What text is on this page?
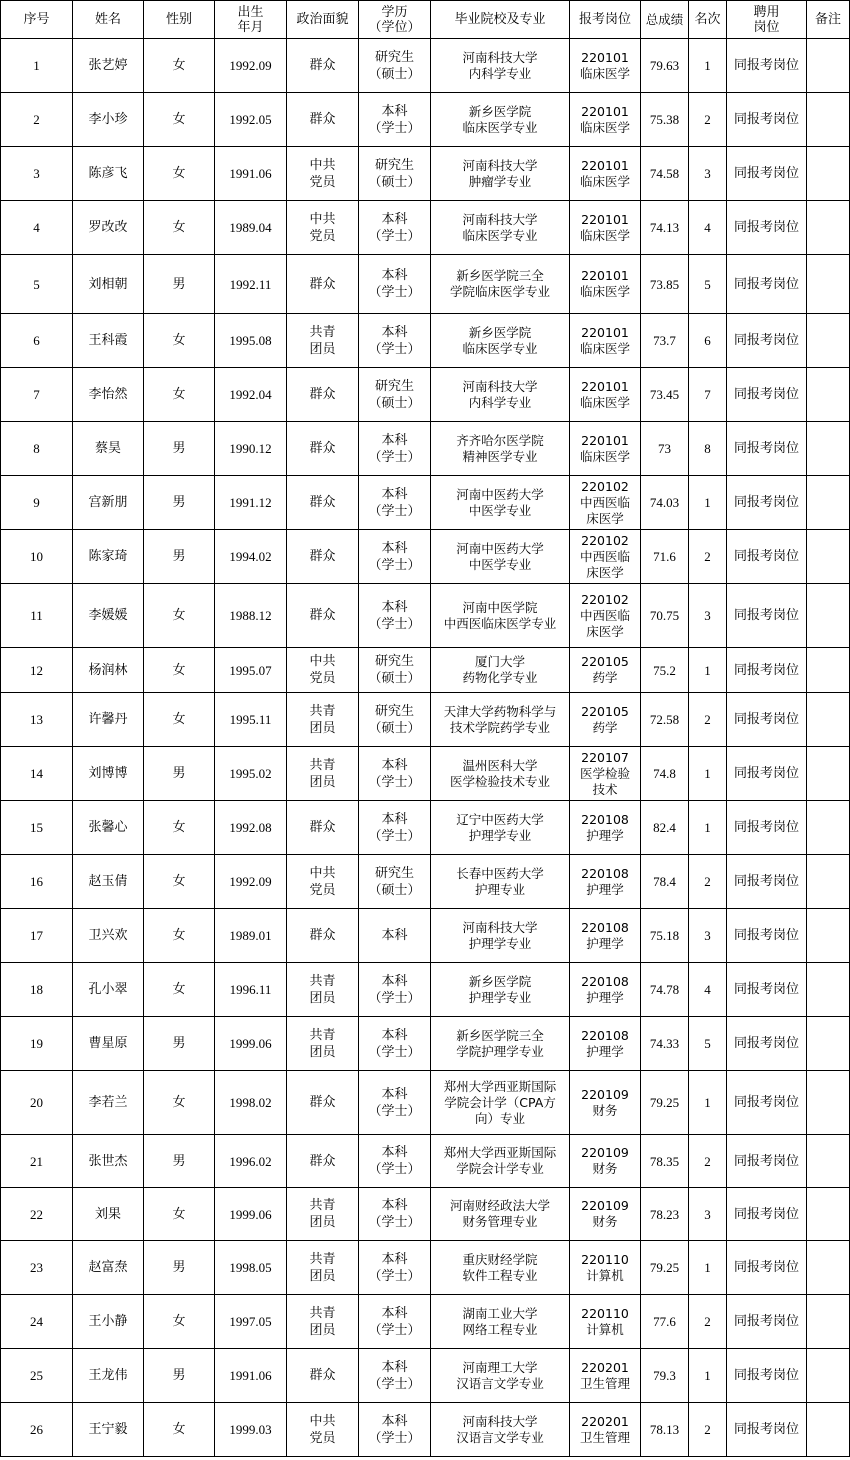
序号	姓名	性别	出生
年月	政治面貌	学历
（学位）	毕业院校及专业	报考岗位	总成绩	名次	聘用
岗位	备注
1	张艺婷	女	1992.09	群众	研究生
（硕士）	河南科技大学
内科学专业	220101
临床医学	79.63	1	同报考岗位	
2	李小珍	女	1992.05	群众	本科
（学士）	新乡医学院
临床医学专业	220101
临床医学	75.38	2	同报考岗位	
3	陈彦飞	女	1991.06	中共
党员	研究生
（硕士）	河南科技大学
肿瘤学专业	220101
临床医学	74.58	3	同报考岗位	
4	罗改改	女	1989.04	中共
党员	本科
（学士）	河南科技大学
临床医学专业	220101
临床医学	74.13	4	同报考岗位	
5	刘相朝	男	1992.11	群众	本科
（学士）	新乡医学院三全
学院临床医学专业	220101
临床医学	73.85	5	同报考岗位	
6	王科霞	女	1995.08	共青
团员	本科
（学士）	新乡医学院
临床医学专业	220101
临床医学	73.7	6	同报考岗位	
7	李怡然	女	1992.04	群众	研究生
（硕士）	河南科技大学
内科学专业	220101
临床医学	73.45	7	同报考岗位	
8	蔡昊	男	1990.12	群众	本科
（学士）	齐齐哈尔医学院
精神医学专业	220101
临床医学	73	8	同报考岗位	
9	宫新朋	男	1991.12	群众	本科
（学士）	河南中医药大学
中医学专业	220102
中西医临
床医学	74.03	1	同报考岗位	
10	陈家琦	男	1994.02	群众	本科
（学士）	河南中医药大学
中医学专业	220102
中西医临
床医学	71.6	2	同报考岗位	
11	李媛媛	女	1988.12	群众	本科
（学士）	河南中医学院
中西医临床医学专业	220102
中西医临
床医学	70.75	3	同报考岗位	
12	杨润林	女	1995.07	中共
党员	研究生
（硕士）	厦门大学
药物化学专业	220105
药学	75.2	1	同报考岗位	
13	许馨丹	女	1995.11	共青
团员	研究生
（硕士）	天津大学药物科学与
技术学院药学专业	220105
药学	72.58	2	同报考岗位	
14	刘博博	男	1995.02	共青
团员	本科
（学士）	温州医科大学
医学检验技术专业	220107
医学检验
技术	74.8	1	同报考岗位	
15	张馨心	女	1992.08	群众	本科
（学士）	辽宁中医药大学
护理学专业	220108
护理学	82.4	1	同报考岗位	
16	赵玉倩	女	1992.09	中共
党员	研究生
（硕士）	长春中医药大学
护理专业	220108
护理学	78.4	2	同报考岗位	
17	卫兴欢	女	1989.01	群众	本科	河南科技大学
护理学专业	220108
护理学	75.18	3	同报考岗位	
18	孔小翠	女	1996.11	共青
团员	本科
（学士）	新乡医学院
护理学专业	220108
护理学	74.78	4	同报考岗位	
19	曹星原	男	1999.06	共青
团员	本科
（学士）	新乡医学院三全
学院护理学专业	220108
护理学	74.33	5	同报考岗位	
20	李若兰	女	1998.02	群众	本科
（学士）	郑州大学西亚斯国际
学院会计学（CPA方
向）专业	220109
财务	79.25	1	同报考岗位	
21	张世杰	男	1996.02	群众	本科
（学士）	郑州大学西亚斯国际
学院会计学专业	220109
财务	78.35	2	同报考岗位	
22	刘果	女	1999.06	共青
团员	本科
（学士）	河南财经政法大学
财务管理专业	220109
财务	78.23	3	同报考岗位	
23	赵富焘	男	1998.05	共青
团员	本科
（学士）	重庆财经学院
软件工程专业	220110
计算机	79.25	1	同报考岗位	
24	王小静	女	1997.05	共青
团员	本科
（学士）	湖南工业大学
网络工程专业	220110
计算机	77.6	2	同报考岗位	
25	王龙伟	男	1991.06	群众	本科
（学士）	河南理工大学
汉语言文学专业	220201
卫生管理	79.3	1	同报考岗位	
26	王宁毅	女	1999.03	中共
党员	本科
（学士）	河南科技大学
汉语言文学专业	220201
卫生管理	78.13	2	同报考岗位	
